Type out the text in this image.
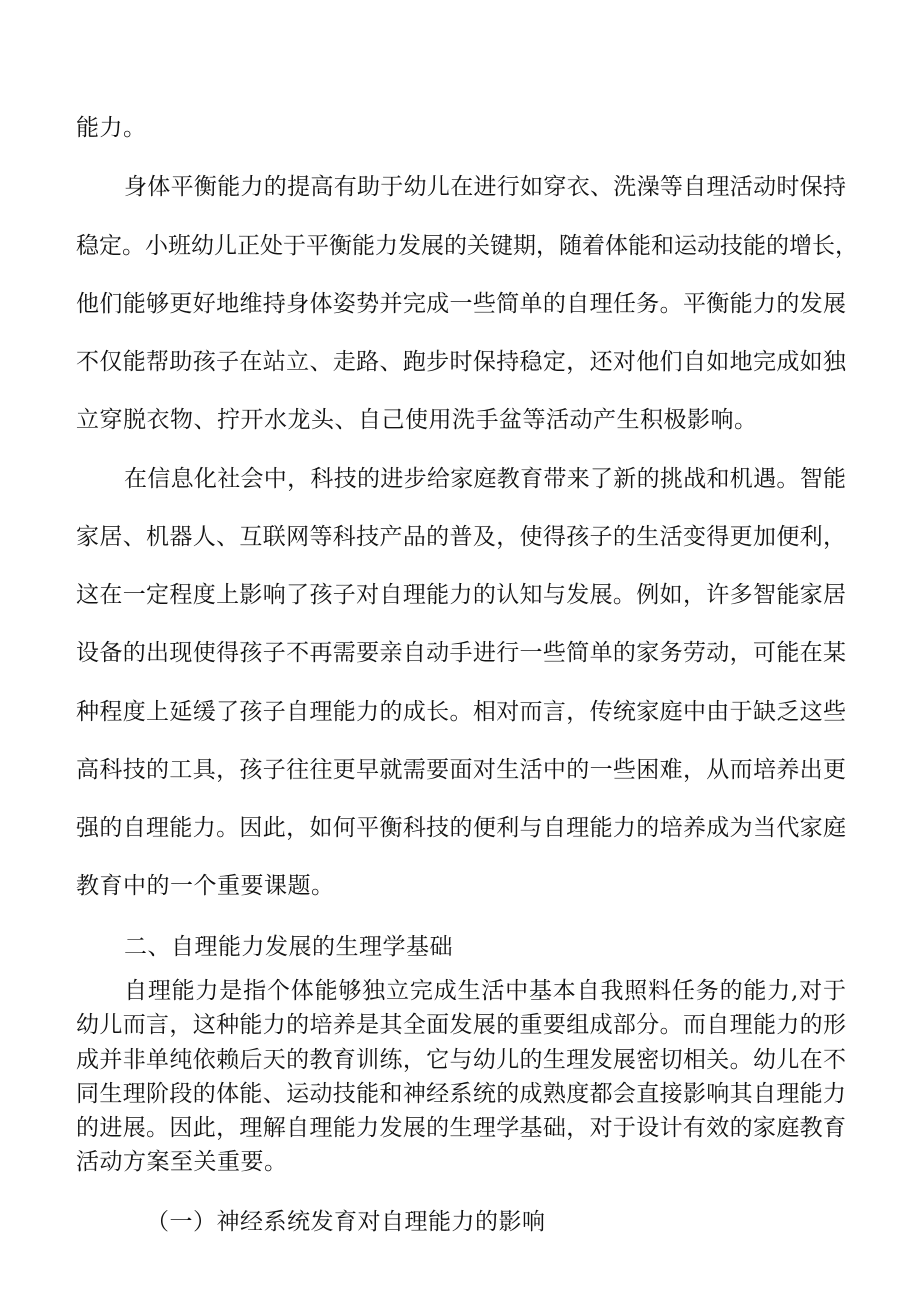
能力。
身体平衡能力的提高有助于幼儿在进行如穿衣、洗澡等自理活动时保持
稳定。小班幼儿正处于平衡能力发展的关键期，随着体能和运动技能的增长，
他们能够更好地维持身体姿势并完成一些简单的自理任务。平衡能力的发展
不仅能帮助孩子在站立、走路、跑步时保持稳定，还对他们自如地完成如独
立穿脱衣物、拧开水龙头、自己使用洗手盆等活动产生积极影响。
在信息化社会中，科技的进步给家庭教育带来了新的挑战和机遇。智能
家居、机器人、互联网等科技产品的普及，使得孩子的生活变得更加便利，
这在一定程度上影响了孩子对自理能力的认知与发展。例如，许多智能家居
设备的出现使得孩子不再需要亲自动手进行一些简单的家务劳动，可能在某
种程度上延缓了孩子自理能力的成长。相对而言，传统家庭中由于缺乏这些
高科技的工具，孩子往往更早就需要面对生活中的一些困难，从而培养出更
强的自理能力。因此，如何平衡科技的便利与自理能力的培养成为当代家庭
教育中的一个重要课题。
二、自理能力发展的生理学基础
自理能力是指个体能够独立完成生活中基本自我照料任务的能力,对于
幼儿而言，这种能力的培养是其全面发展的重要组成部分。而自理能力的形
成并非单纯依赖后天的教育训练，它与幼儿的生理发展密切相关。幼儿在不
同生理阶段的体能、运动技能和神经系统的成熟度都会直接影响其自理能力
的进展。因此，理解自理能力发展的生理学基础，对于设计有效的家庭教育
活动方案至关重要。
（一）神经系统发育对自理能力的影响
